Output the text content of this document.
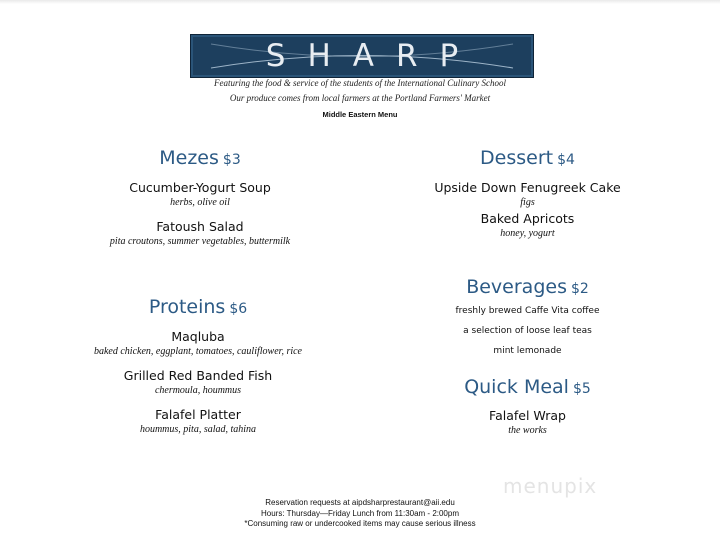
SHARP
Featuring the food & service of the students of the International Culinary School
Our produce comes from local farmers at the Portland Farmers' Market
Middle Eastern Menu
Mezes $3
Cucumber-Yogurt Soup
herbs, olive oil
Fatoush Salad
pita croutons, summer vegetables, buttermilk
Proteins $6
Maqluba
baked chicken, eggplant, tomatoes, cauliflower, rice
Grilled Red Banded Fish
chermoula, hoummus
Falafel Platter
hoummus, pita, salad, tahina
Dessert $4
Upside Down Fenugreek Cake
figs
Baked Apricots
honey, yogurt
Beverages $2
freshly brewed Caffe Vita coffee
a selection of loose leaf teas
mint lemonade
Quick Meal $5
Falafel Wrap
the works
Reservation requests at aipdsharprestaurant@aii.edu
Hours: Thursday—Friday Lunch from 11:30am - 2:00pm
*Consuming raw or undercooked items may cause serious illness
menupix
